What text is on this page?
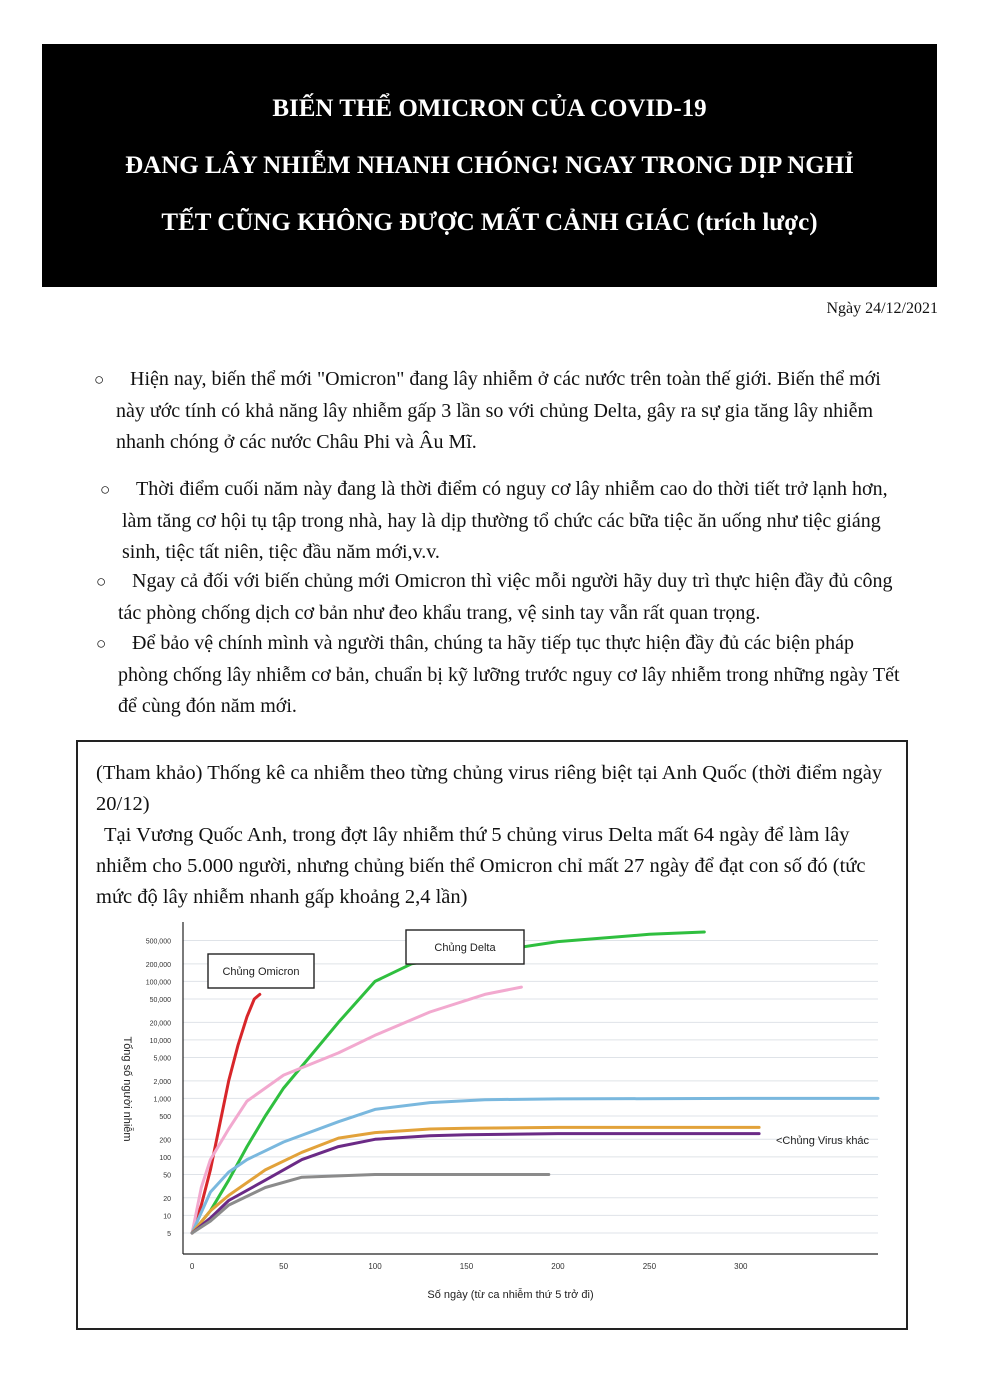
BIẾN THỂ OMICRON CỦA COVID-19
ĐANG LÂY NHIỄM NHANH CHÓNG! NGAY TRONG DỊP NGHỈ
TẾT CŨNG KHÔNG ĐƯỢC MẤT CẢNH GIÁC (trích lược)
Ngày 24/12/2021
○	Hiện nay, biến thể mới "Omicron" đang lây nhiễm ở các nước trên toàn thế giới. Biến thể mới này ước tính có khả năng lây nhiễm gấp 3 lần so với chủng Delta, gây ra sự gia tăng lây nhiễm nhanh chóng ở các nước Châu Phi và Âu Mĩ.
○	Thời điểm cuối năm này đang là thời điểm có nguy cơ lây nhiễm cao do thời tiết trở lạnh hơn, làm tăng cơ hội tụ tập trong nhà, hay là dịp thường tổ chức các bữa tiệc ăn uống như tiệc giáng sinh, tiệc tất niên, tiệc đầu năm mới,v.v.
○	Ngay cả đối với biến chủng mới Omicron thì việc mỗi người hãy duy trì thực hiện đầy đủ công tác phòng chống dịch cơ bản như đeo khẩu trang, vệ sinh tay vẫn rất quan trọng.
○	Để bảo vệ chính mình và người thân, chúng ta hãy tiếp tục thực hiện đầy đủ các biện pháp phòng chống lây nhiễm cơ bản, chuẩn bị kỹ lưỡng trước nguy cơ lây nhiễm trong những ngày Tết để cùng đón năm mới.

(Tham khảo) Thống kê ca nhiễm theo từng chủng virus riêng biệt tại Anh Quốc (thời điểm ngày 20/12)

Tại Vương Quốc Anh, trong đợt lây nhiễm thứ 5 chủng virus Delta mất 64 ngày để làm lây nhiễm cho 5.000 người, nhưng chủng biến thể Omicron chỉ mất 27 ngày để đạt con số đó (tức mức độ lây nhiễm nhanh gấp khoảng 2,4 lần)

5
10
20
50
100
200
500
1,000
2,000
5,000
10,000
20,000
50,000
100,000
200,000
500,000
0	50	100	150	200	250	300
Số ngày (từ ca nhiễm thứ 5 trở đi)
Tổng số người nhiễm
Chủng Omicron
Chủng Delta
<Chủng Virus khác
